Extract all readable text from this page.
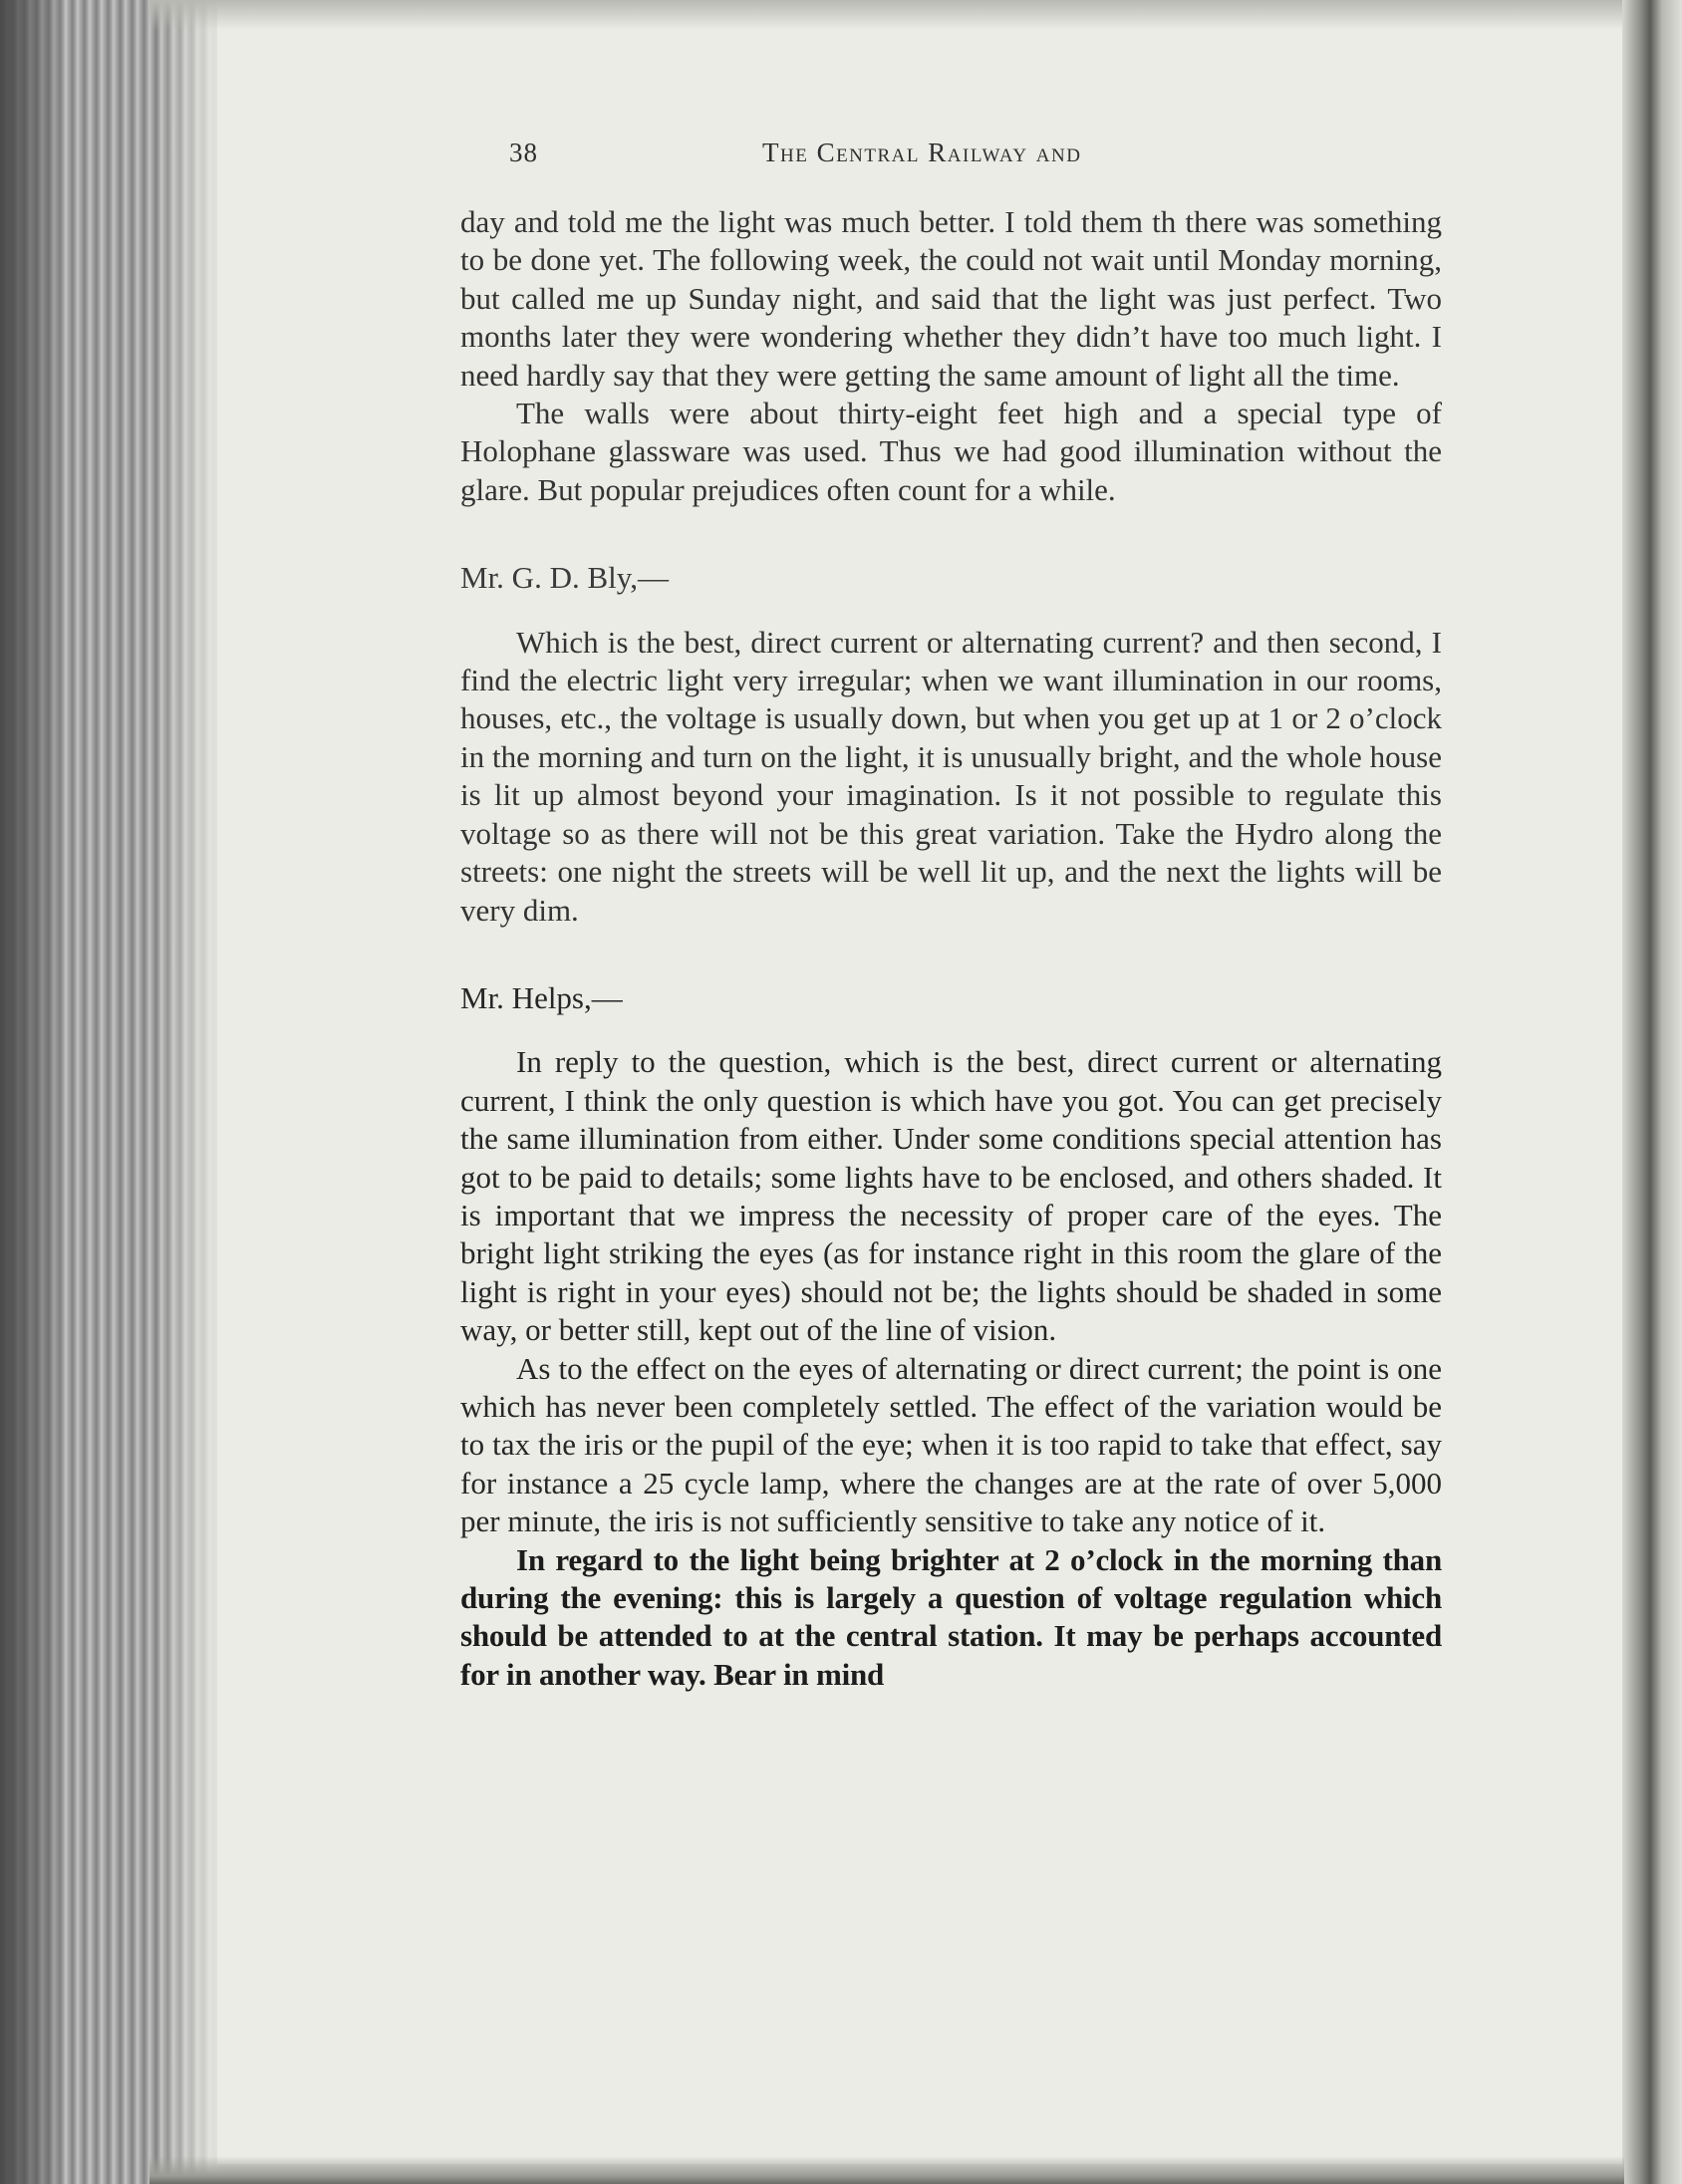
38	The Central Railway and

day and told me the light was much better. I told them th there was something to be done yet. The following week, the could not wait until Monday morning, but called me up Sunday night, and said that the light was just perfect. Two months later they were wondering whether they didn’t have too much light. I need hardly say that they were getting the same amount of light all the time.

The walls were about thirty-eight feet high and a special type of Holophane glassware was used. Thus we had good illumination without the glare. But popular prejudices often count for a while.

Mr. G. D. Bly,—

Which is the best, direct current or alternating current? and then second, I find the electric light very irregular; when we want illumination in our rooms, houses, etc., the voltage is usually down, but when you get up at 1 or 2 o’clock in the morning and turn on the light, it is unusually bright, and the whole house is lit up almost beyond your imagination. Is it not possible to regulate this voltage so as there will not be this great variation. Take the Hydro along the streets: one night the streets will be well lit up, and the next the lights will be very dim.

Mr. Helps,—

In reply to the question, which is the best, direct current or alternating current, I think the only question is which have you got. You can get precisely the same illumination from either. Under some conditions special attention has got to be paid to details; some lights have to be enclosed, and others shaded. It is important that we impress the necessity of proper care of the eyes. The bright light striking the eyes (as for instance right in this room the glare of the light is right in your eyes) should not be; the lights should be shaded in some way, or better still, kept out of the line of vision.

As to the effect on the eyes of alternating or direct current; the point is one which has never been completely settled. The effect of the variation would be to tax the iris or the pupil of the eye; when it is too rapid to take that effect, say for instance a 25 cycle lamp, where the changes are at the rate of over 5,000 per minute, the iris is not sufficiently sensitive to take any notice of it.

In regard to the light being brighter at 2 o’clock in the morning than during the evening: this is largely a question of voltage regulation which should be attended to at the central station. It may be perhaps accounted for in another way. Bear in mind
